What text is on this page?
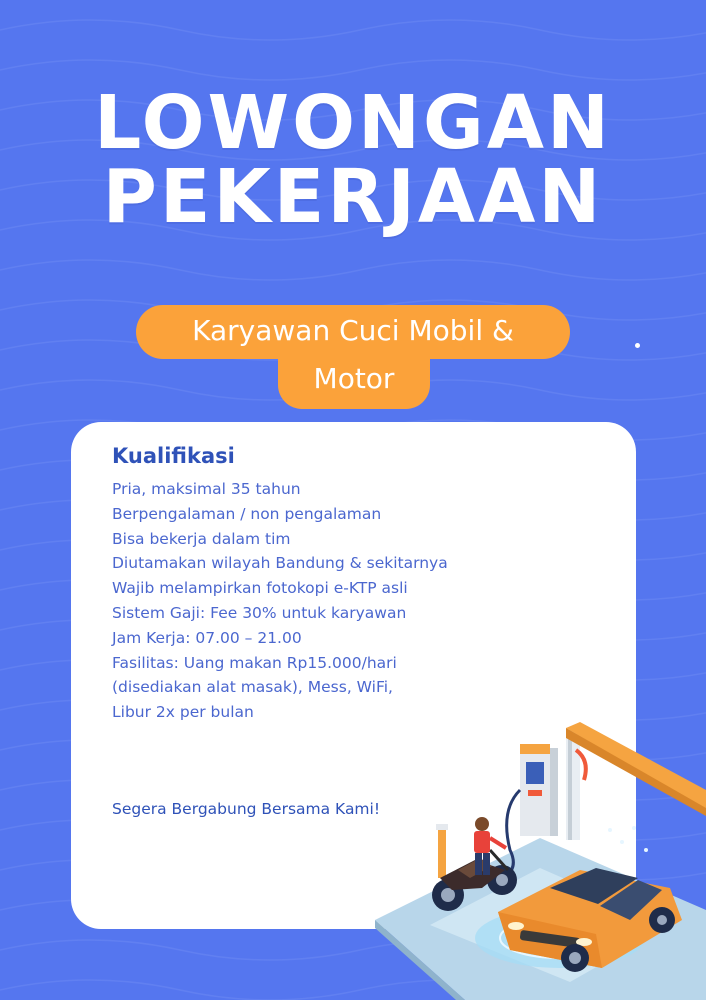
LOWONGAN
PEKERJAAN
Karyawan Cuci Mobil &
Motor
Kualifikasi
Pria, maksimal 35 tahun
Berpengalaman / non pengalaman
Bisa bekerja dalam tim
Diutamakan wilayah Bandung & sekitarnya
Wajib melampirkan fotokopi e-KTP asli
Sistem Gaji: Fee 30% untuk karyawan
Jam Kerja: 07.00 – 21.00
Fasilitas: Uang makan Rp15.000/hari
(disediakan alat masak), Mess, WiFi,
Libur 2x per bulan
Segera Bergabung Bersama Kami!
